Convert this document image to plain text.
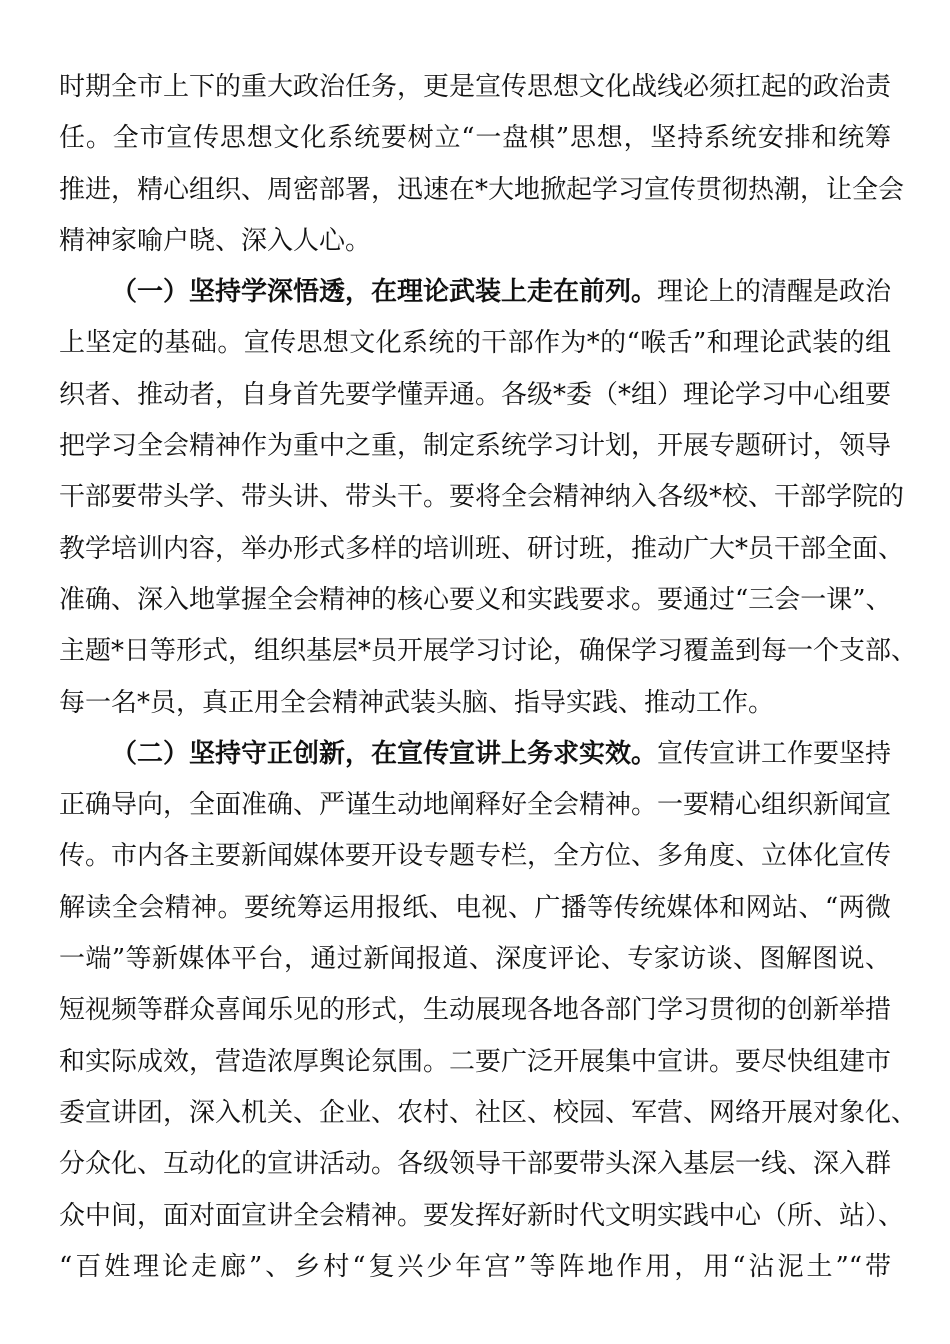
时期全市上下的重大政治任务，更是宣传思想文化战线必须扛起的政治责
任。全市宣传思想文化系统要树立“一盘棋”思想，坚持系统安排和统筹
推进，精心组织、周密部署，迅速在*大地掀起学习宣传贯彻热潮，让全会
精神家喻户晓、深入人心。
（一）坚持学深悟透，在理论武装上走在前列。理论上的清醒是政治
上坚定的基础。宣传思想文化系统的干部作为*的“喉舌”和理论武装的组
织者、推动者，自身首先要学懂弄通。各级*委（*组）理论学习中心组要
把学习全会精神作为重中之重，制定系统学习计划，开展专题研讨，领导
干部要带头学、带头讲、带头干。要将全会精神纳入各级*校、干部学院的
教学培训内容，举办形式多样的培训班、研讨班，推动广大*员干部全面、
准确、深入地掌握全会精神的核心要义和实践要求。要通过“三会一课”、
主题*日等形式，组织基层*员开展学习讨论，确保学习覆盖到每一个支部、
每一名*员，真正用全会精神武装头脑、指导实践、推动工作。
（二）坚持守正创新，在宣传宣讲上务求实效。宣传宣讲工作要坚持
正确导向，全面准确、严谨生动地阐释好全会精神。一要精心组织新闻宣
传。市内各主要新闻媒体要开设专题专栏，全方位、多角度、立体化宣传
解读全会精神。要统筹运用报纸、电视、广播等传统媒体和网站、“两微
一端”等新媒体平台，通过新闻报道、深度评论、专家访谈、图解图说、
短视频等群众喜闻乐见的形式，生动展现各地各部门学习贯彻的创新举措
和实际成效，营造浓厚舆论氛围。二要广泛开展集中宣讲。要尽快组建市
委宣讲团，深入机关、企业、农村、社区、校园、军营、网络开展对象化、
分众化、互动化的宣讲活动。各级领导干部要带头深入基层一线、深入群
众中间，面对面宣讲全会精神。要发挥好新时代文明实践中心（所、站）、
“百姓理论走廊”、乡村“复兴少年宫”等阵地作用，用“沾泥土”“带
